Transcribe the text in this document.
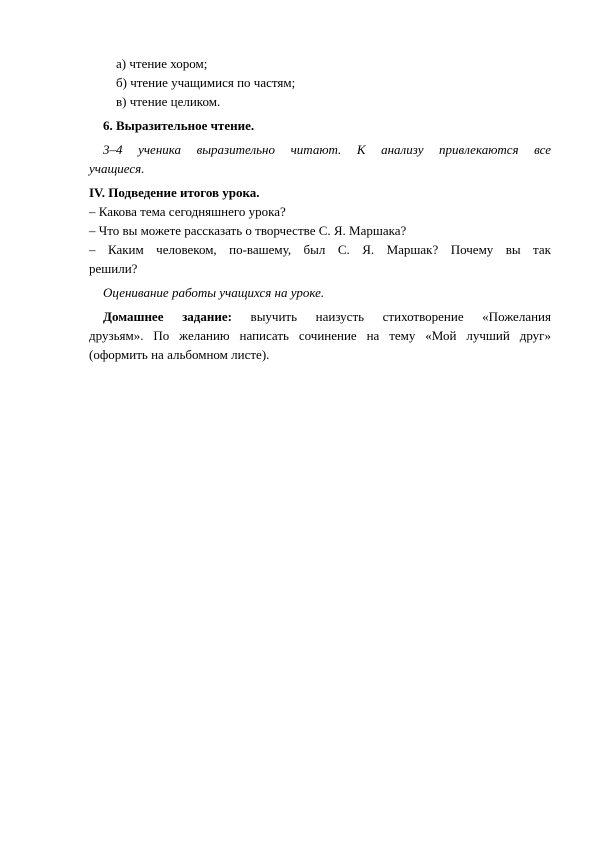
а) чтение хором;

б) чтение учащимися по частям;

в) чтение целиком.

6. Выразительное чтение.

3–4 ученика выразительно читают. К анализу привлекаются все

учащиеся.

IV. Подведение итогов урока.

– Какова тема сегодняшнего урока?

– Что вы можете рассказать о творчестве С. Я. Маршака?

– Каким человеком, по-вашему, был С. Я. Маршак? Почему вы так

решили?

Оценивание работы учащихся на уроке.

Домашнее задание: выучить наизусть стихотворение «Пожелания

друзьям». По желанию написать сочинение на тему «Мой лучший друг»

(оформить на альбомном листе).
